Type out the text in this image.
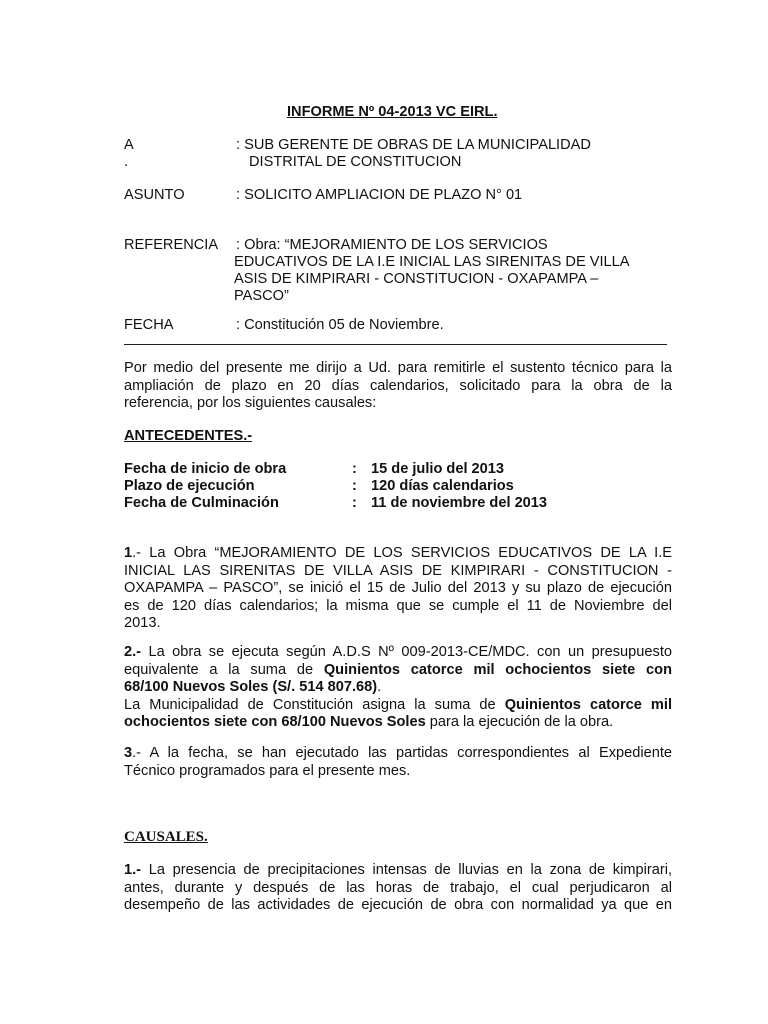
INFORME Nº 04-2013 VC EIRL.
A	: SUB GERENTE DE OBRAS DE LA MUNICIPALIDAD
.	DISTRITAL DE CONSTITUCION
ASUNTO	: SOLICITO AMPLIACION DE PLAZO N° 01
REFERENCIA : Obra: “MEJORAMIENTO DE LOS SERVICIOS
EDUCATIVOS DE LA I.E INICIAL LAS SIRENITAS DE VILLA
ASIS DE KIMPIRARI - CONSTITUCION - OXAPAMPA –
PASCO”
FECHA	: Constitución 05 de Noviembre.
Por medio del presente me dirijo a Ud. para remitirle el sustento técnico para la
ampliación de plazo en 20 días calendarios, solicitado para la obra de la
referencia, por los siguientes causales:
ANTECEDENTES.-
Fecha de inicio de obra	: 15 de julio del 2013
Plazo de ejecución	: 120 días calendarios
Fecha de Culminación	: 11 de noviembre del 2013
1.- La Obra “MEJORAMIENTO DE LOS SERVICIOS EDUCATIVOS DE LA I.E
INICIAL LAS SIRENITAS DE VILLA ASIS DE KIMPIRARI - CONSTITUCION -
OXAPAMPA – PASCO”, se inició el 15 de Julio del 2013 y su plazo de ejecución
es de 120 días calendarios; la misma que se cumple el 11 de Noviembre del
2013.
2.- La obra se ejecuta según A.D.S Nº 009-2013-CE/MDC. con un presupuesto
equivalente a la suma de Quinientos catorce mil ochocientos siete con
68/100 Nuevos Soles (S/. 514 807.68).
La Municipalidad de Constitución asigna la suma de Quinientos catorce mil
ochocientos siete con 68/100 Nuevos Soles para la ejecución de la obra.
3.- A la fecha, se han ejecutado las partidas correspondientes al Expediente
Técnico programados para el presente mes.
CAUSALES.
1.- La presencia de precipitaciones intensas de lluvias en la zona de kimpirari,
antes, durante y después de las horas de trabajo, el cual perjudicaron al
desempeño de las actividades de ejecución de obra con normalidad ya que en
